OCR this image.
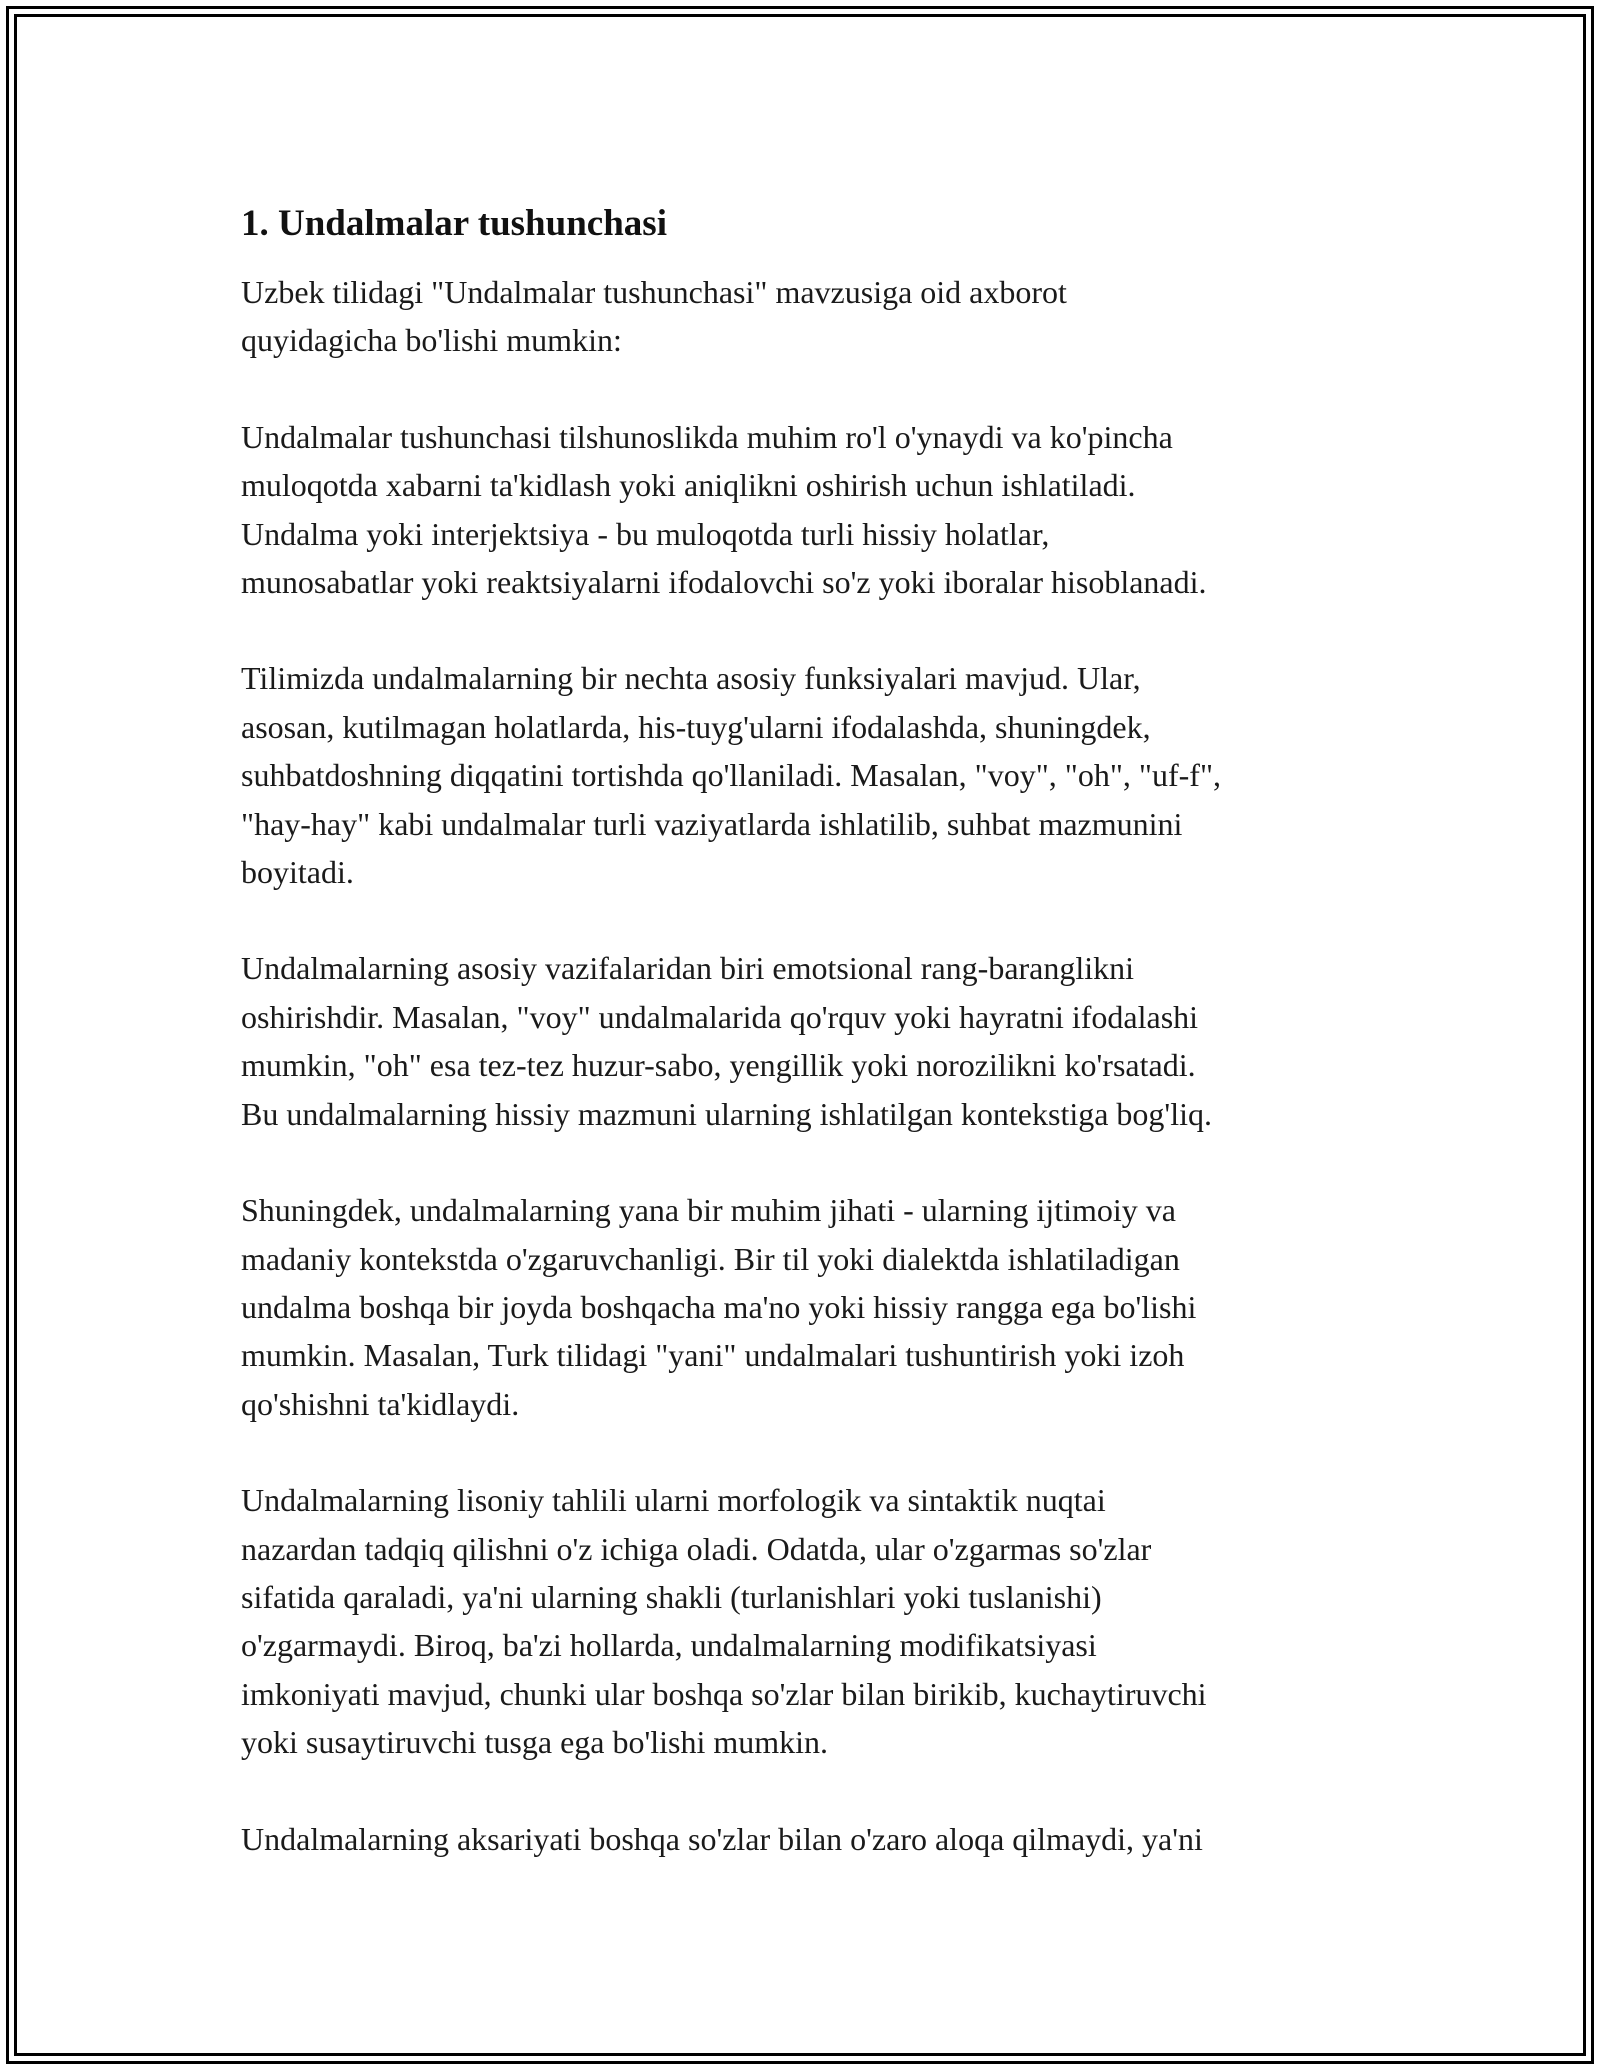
1. Undalmalar tushunchasi

Uzbek tilidagi "Undalmalar tushunchasi" mavzusiga oid axborot
quyidagicha bo'lishi mumkin:

Undalmalar tushunchasi tilshunoslikda muhim ro'l o'ynaydi va ko'pincha
muloqotda xabarni ta'kidlash yoki aniqlikni oshirish uchun ishlatiladi.
Undalma yoki interjektsiya - bu muloqotda turli hissiy holatlar,
munosabatlar yoki reaktsiyalarni ifodalovchi so'z yoki iboralar hisoblanadi.

Tilimizda undalmalarning bir nechta asosiy funksiyalari mavjud. Ular,
asosan, kutilmagan holatlarda, his-tuyg'ularni ifodalashda, shuningdek,
suhbatdoshning diqqatini tortishda qo'llaniladi. Masalan, "voy", "oh", "uf-f",
"hay-hay" kabi undalmalar turli vaziyatlarda ishlatilib, suhbat mazmunini
boyitadi.

Undalmalarning asosiy vazifalaridan biri emotsional rang-baranglikni
oshirishdir. Masalan, "voy" undalmalarida qo'rquv yoki hayratni ifodalashi
mumkin, "oh" esa tez-tez huzur-sabo, yengillik yoki norozilikni ko'rsatadi.
Bu undalmalarning hissiy mazmuni ularning ishlatilgan kontekstiga bog'liq.

Shuningdek, undalmalarning yana bir muhim jihati - ularning ijtimoiy va
madaniy kontekstda o'zgaruvchanligi. Bir til yoki dialektda ishlatiladigan
undalma boshqa bir joyda boshqacha ma'no yoki hissiy rangga ega bo'lishi
mumkin. Masalan, Turk tilidagi "yani" undalmalari tushuntirish yoki izoh
qo'shishni ta'kidlaydi.

Undalmalarning lisoniy tahlili ularni morfologik va sintaktik nuqtai
nazardan tadqiq qilishni o'z ichiga oladi. Odatda, ular o'zgarmas so'zlar
sifatida qaraladi, ya'ni ularning shakli (turlanishlari yoki tuslanishi)
o'zgarmaydi. Biroq, ba'zi hollarda, undalmalarning modifikatsiyasi
imkoniyati mavjud, chunki ular boshqa so'zlar bilan birikib, kuchaytiruvchi
yoki susaytiruvchi tusga ega bo'lishi mumkin.

Undalmalarning aksariyati boshqa so'zlar bilan o'zaro aloqa qilmaydi, ya'ni
